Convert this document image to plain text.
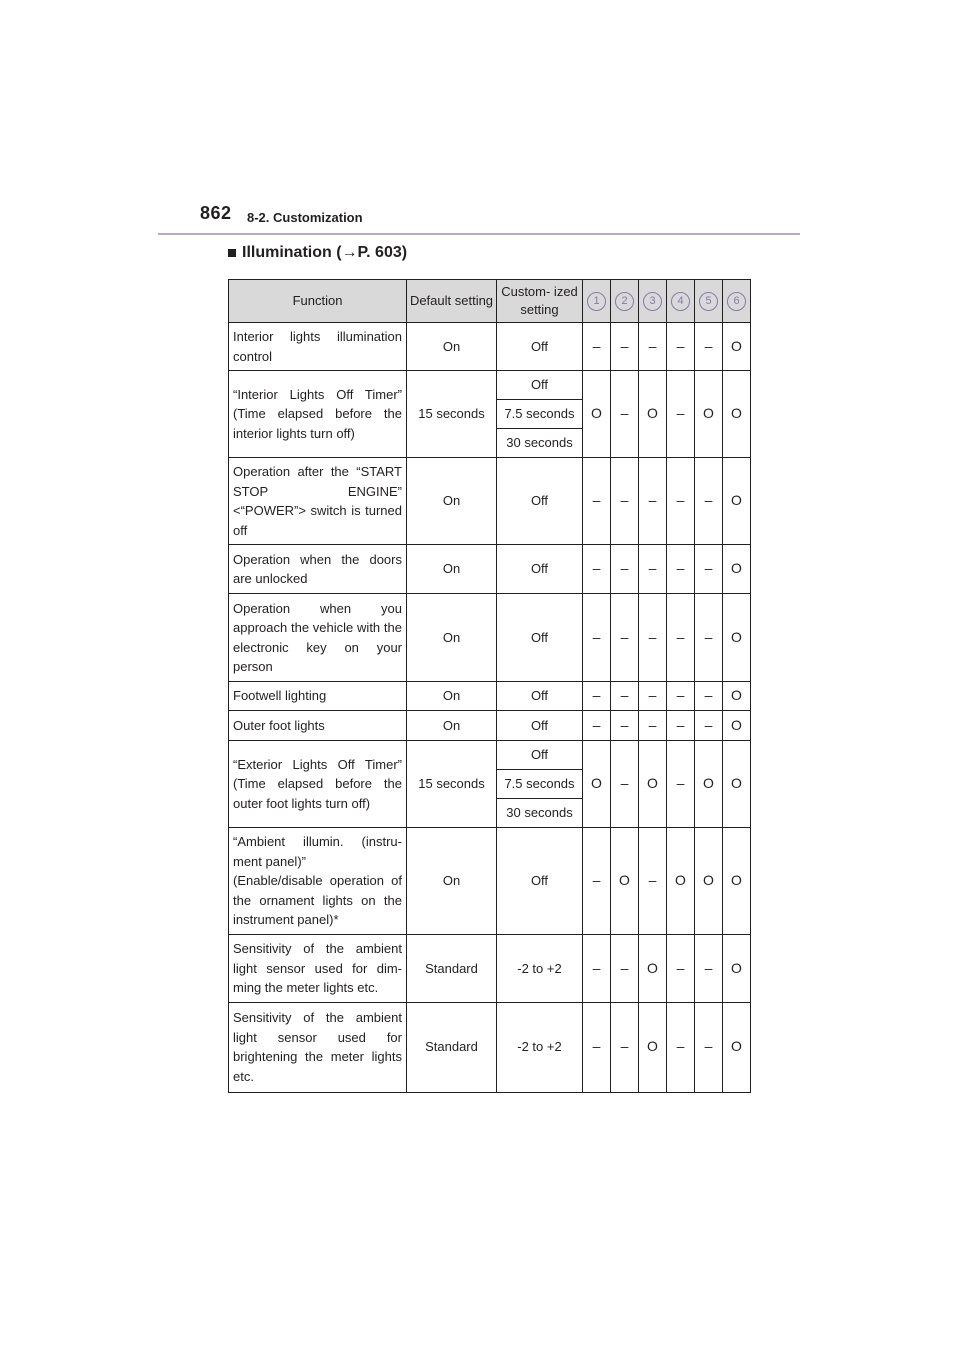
862 8-2. Customization
Illumination ( → P. 603)
Function	Default setting	Custom- ized setting	1	2	3	4	5	6
Interior lights illumination control	On	Off	–	–	–	–	–	O
“Interior Lights Off Timer” (Time elapsed before the interior lights turn off)	15 seconds	Off	O	–	O	–	O	O
		7.5 seconds						
		30 seconds						
Operation after the “START STOP ENGINE” <“POWER”> switch is turned off	On	Off	–	–	–	–	–	O
Operation when the doors are unlocked	On	Off	–	–	–	–	–	O
Operation when you approach the vehicle with the electronic key on your person	On	Off	–	–	–	–	–	O
Footwell lighting	On	Off	–	–	–	–	–	O
Outer foot lights	On	Off	–	–	–	–	–	O
“Exterior Lights Off Timer” (Time elapsed before the outer foot lights turn off)	15 seconds	Off	O	–	O	–	O	O
		7.5 seconds						
		30 seconds						

“Ambient illumin. (instru- ment panel)”
(Enable/disable operation of the ornament lights on the instrument panel)*	On	Off	–	O	–	O	O	O
Sensitivity of the ambient light sensor used for dim- ming the meter lights etc.	Standard	-2 to +2	–	–	O	–	–	O
Sensitivity of the ambient light sensor used for brightening the meter lights etc.	Standard	-2 to +2	–	–	O	–	–	O
